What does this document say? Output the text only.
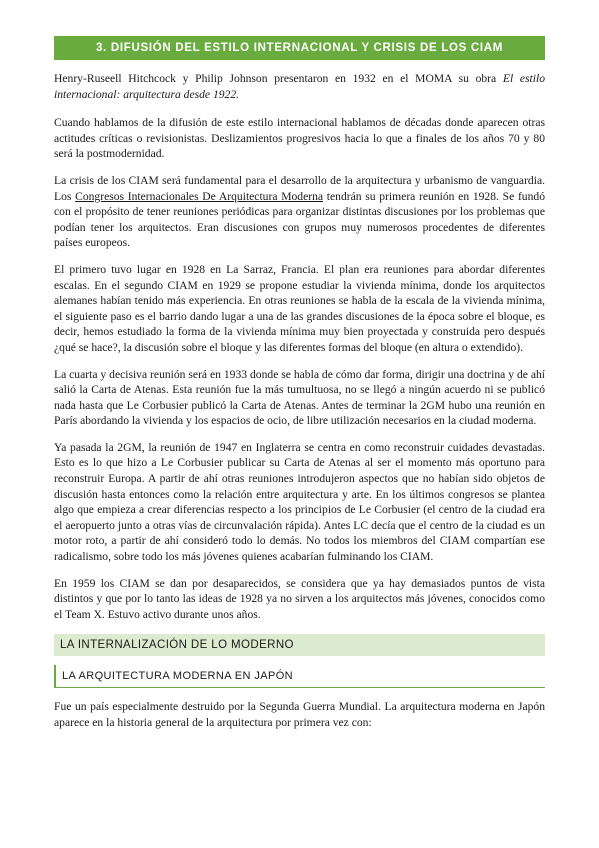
3. DIFUSIÓN DEL ESTILO INTERNACIONAL Y CRISIS DE LOS CIAM

Henry-Ruseell Hitchcock y Philip Johnson presentaron en 1932 en el MOMA su obra El estilo internacional: arquitectura desde 1922.

Cuando hablamos de la difusión de este estilo internacional hablamos de décadas donde aparecen otras actitudes críticas o revisionistas. Deslizamientos progresivos hacia lo que a finales de los años 70 y 80 será la postmodernidad.

La crisis de los CIAM será fundamental para el desarrollo de la arquitectura y urbanismo de vanguardia. Los Congresos Internacionales De Arquitectura Moderna tendrán su primera reunión en 1928. Se fundó con el propósito de tener reuniones periódicas para organizar distintas discusiones por los problemas que podían tener los arquitectos. Eran discusiones con grupos muy numerosos procedentes de diferentes países europeos.

El primero tuvo lugar en 1928 en La Sarraz, Francia. El plan era reuniones para abordar diferentes escalas. En el segundo CIAM en 1929 se propone estudiar la vivienda mínima, donde los arquitectos alemanes habían tenido más experiencia. En otras reuniones se habla de la escala de la vivienda mínima, el siguiente paso es el barrio dando lugar a una de las grandes discusiones de la época sobre el bloque, es decir, hemos estudiado la forma de la vivienda mínima muy bien proyectada y construida pero después ¿qué se hace?, la discusión sobre el bloque y las diferentes formas del bloque (en altura o extendido).

La cuarta y decisiva reunión será en 1933 donde se habla de cómo dar forma, dirigir una doctrina y de ahí salió la Carta de Atenas. Esta reunión fue la más tumultuosa, no se llegó a ningún acuerdo ni se publicó nada hasta que Le Corbusier publicó la Carta de Atenas. Antes de terminar la 2GM hubo una reunión en París abordando la vivienda y los espacios de ocio, de libre utilización necesarios en la ciudad moderna.

Ya pasada la 2GM, la reunión de 1947 en Inglaterra se centra en como reconstruir cuidades devastadas. Esto es lo que hizo a Le Corbusier publicar su Carta de Atenas al ser el momento más oportuno para reconstruir Europa. A partir de ahí otras reuniones introdujeron aspectos que no habían sido objetos de discusión hasta entonces como la relación entre arquitectura y arte. En los últimos congresos se plantea algo que empieza a crear diferencias respecto a los principios de Le Corbusier (el centro de la ciudad era el aeropuerto junto a otras vías de circunvalación rápida). Antes LC decía que el centro de la ciudad es un motor roto, a partir de ahí consideró todo lo demás. No todos los miembros del CIAM compartían ese radicalismo, sobre todo los más jóvenes quienes acabarían fulminando los CIAM.

En 1959 los CIAM se dan por desaparecidos, se considera que ya hay demasiados puntos de vista distintos y que por lo tanto las ideas de 1928 ya no sirven a los arquitectos más jóvenes, conocidos como el Team X. Estuvo activo durante unos años.

LA INTERNALIZACIÓN DE LO MODERNO
LA ARQUITECTURA MODERNA EN JAPÓN

Fue un país especialmente destruido por la Segunda Guerra Mundial. La arquitectura moderna en Japón aparece en la historia general de la arquitectura por primera vez con:
